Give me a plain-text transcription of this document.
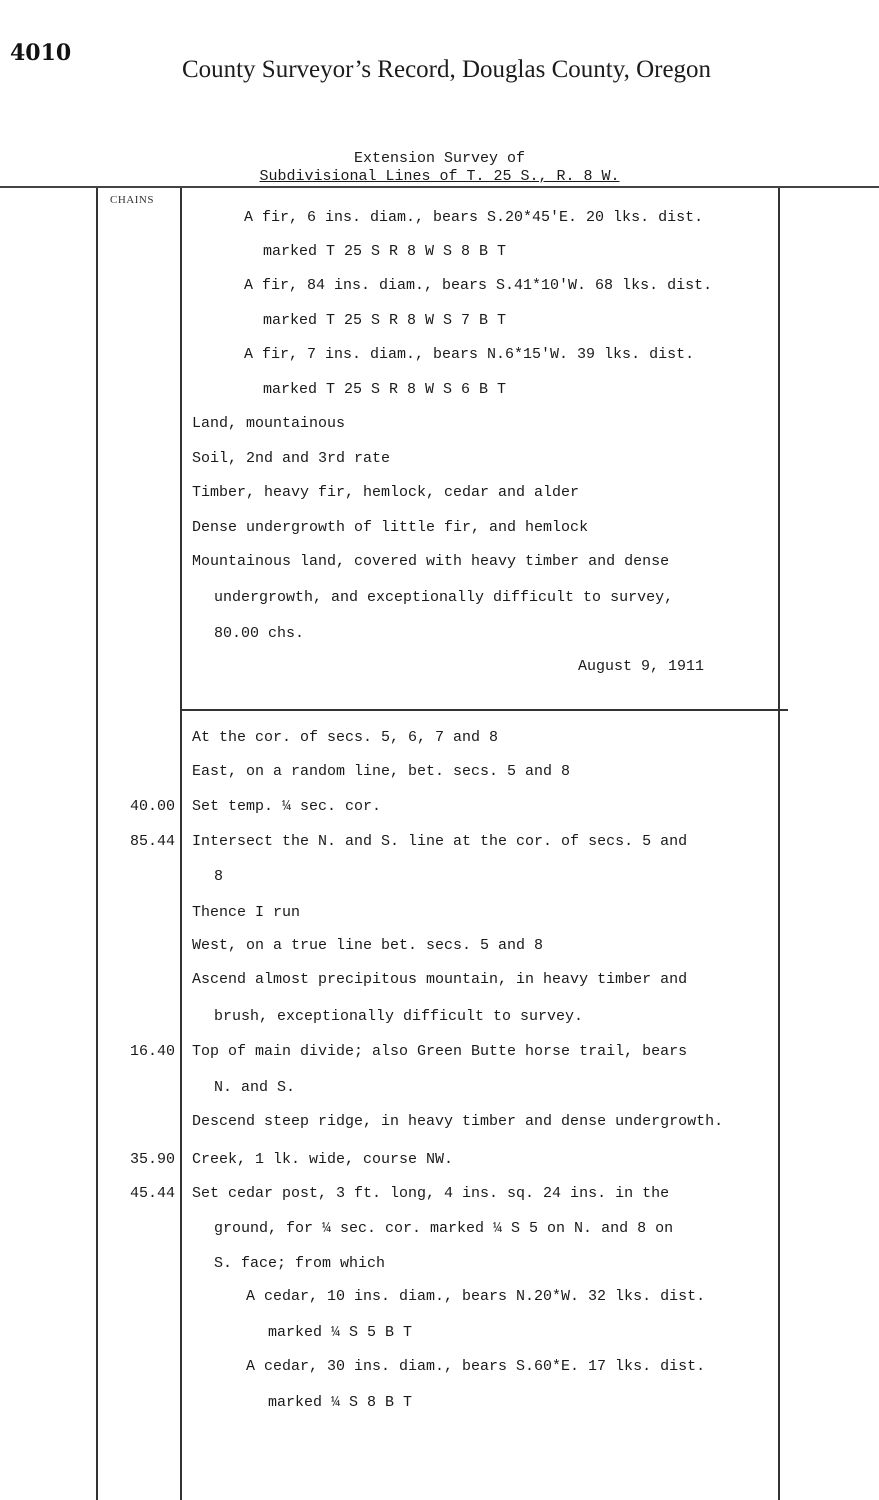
4010
County Surveyor’s Record, Douglas County, Oregon
Extension Survey of
Subdivisional Lines of T. 25 S., R. 8 W.
CHAINS
A fir, 6 ins. diam., bears S.20*45'E. 20 lks. dist.
marked T 25 S R 8 W S 8 B T
A fir, 84 ins. diam., bears S.41*10'W. 68 lks. dist.
marked T 25 S R 8 W S 7 B T
A fir, 7 ins. diam., bears N.6*15'W. 39 lks. dist.
marked T 25 S R 8 W S 6 B T
Land, mountainous
Soil, 2nd and 3rd rate
Timber, heavy fir, hemlock, cedar and alder
Dense undergrowth of little fir, and hemlock
Mountainous land, covered with heavy timber and dense
undergrowth, and exceptionally difficult to survey,
80.00 chs.
August 9, 1911
At the cor. of secs. 5, 6, 7 and 8
East, on a random line, bet. secs. 5 and 8
40.00 Set temp. ¼ sec. cor.
85.44 Intersect the N. and S. line at the cor. of secs. 5 and
8
Thence I run
West, on a true line bet. secs. 5 and 8
Ascend almost precipitous mountain, in heavy timber and
brush, exceptionally difficult to survey.
16.40 Top of main divide; also Green Butte horse trail, bears
N. and S.
Descend steep ridge, in heavy timber and dense undergrowth.
35.90 Creek, 1 lk. wide, course NW.
45.44 Set cedar post, 3 ft. long, 4 ins. sq. 24 ins. in the
ground, for ¼ sec. cor. marked ¼ S 5 on N. and 8 on
S. face; from which
A cedar, 10 ins. diam., bears N.20*W. 32 lks. dist.
marked ¼ S 5 B T
A cedar, 30 ins. diam., bears S.60*E. 17 lks. dist.
marked ¼ S 8 B T
